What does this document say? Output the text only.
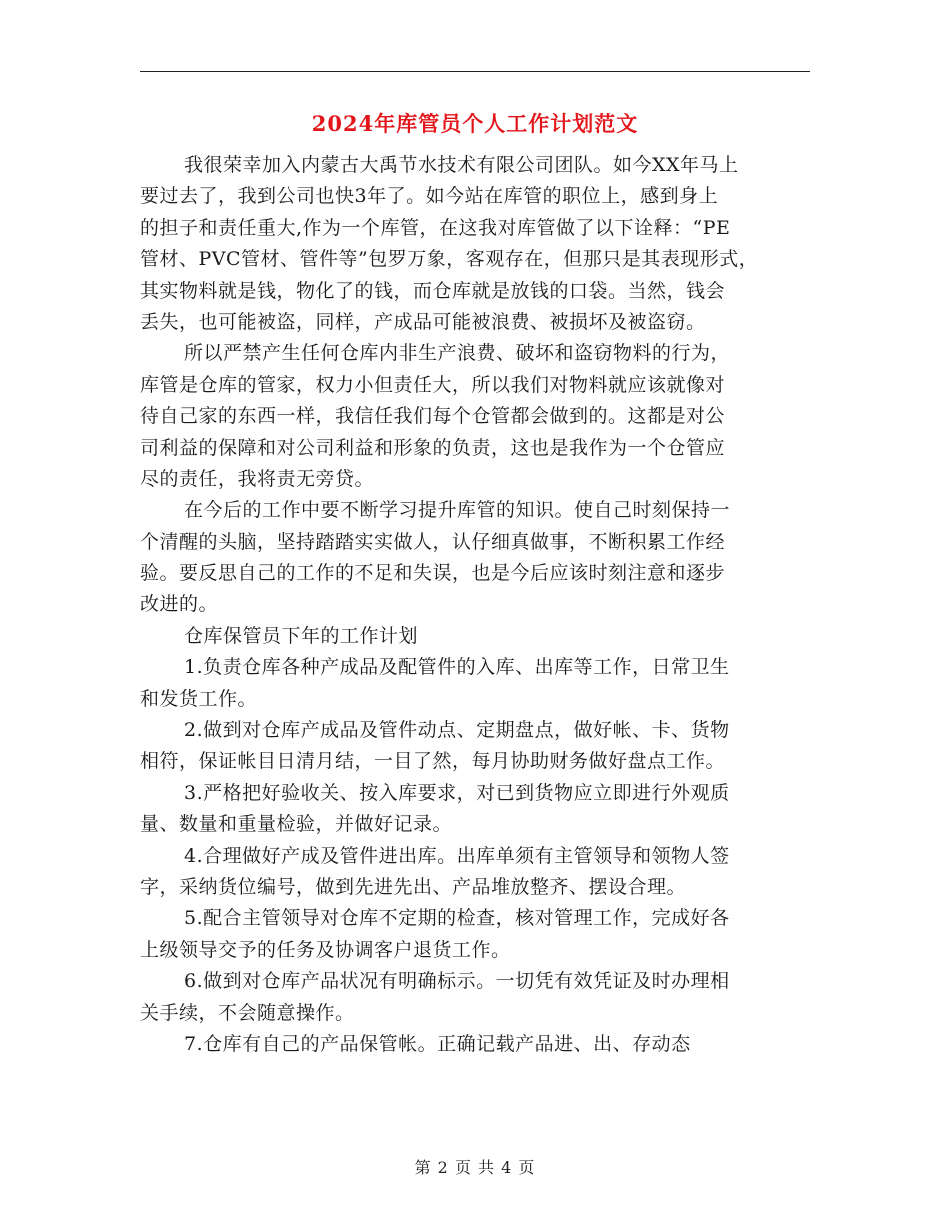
2024年库管员个人工作计划范文
我很荣幸加入内蒙古大禹节水技术有限公司团队。如今XX年马上
要过去了，我到公司也快3年了。如今站在库管的职位上，感到身上
的担子和责任重大,作为一个库管，在这我对库管做了以下诠释：“PE
管材、PVC管材、管件等”包罗万象，客观存在，但那只是其表现形式，
其实物料就是钱，物化了的钱，而仓库就是放钱的口袋。当然，钱会
丢失，也可能被盗，同样，产成品可能被浪费、被损坏及被盗窃。
所以严禁产生任何仓库内非生产浪费、破坏和盗窃物料的行为，
库管是仓库的管家，权力小但责任大，所以我们对物料就应该就像对
待自己家的东西一样，我信任我们每个仓管都会做到的。这都是对公
司利益的保障和对公司利益和形象的负责，这也是我作为一个仓管应
尽的责任，我将责无旁贷。
在今后的工作中要不断学习提升库管的知识。使自己时刻保持一
个清醒的头脑，坚持踏踏实实做人，认仔细真做事，不断积累工作经
验。要反思自己的工作的不足和失误，也是今后应该时刻注意和逐步
改进的。
仓库保管员下年的工作计划
1.负责仓库各种产成品及配管件的入库、出库等工作，日常卫生
和发货工作。
2.做到对仓库产成品及管件动点、定期盘点，做好帐、卡、货物
相符，保证帐目日清月结，一目了然，每月协助财务做好盘点工作。
3.严格把好验收关、按入库要求，对已到货物应立即进行外观质
量、数量和重量检验，并做好记录。
4.合理做好产成及管件进出库。出库单须有主管领导和领物人签
字，采纳货位编号，做到先进先出、产品堆放整齐、摆设合理。
5.配合主管领导对仓库不定期的检查，核对管理工作，完成好各
上级领导交予的任务及协调客户退货工作。
6.做到对仓库产品状况有明确标示。一切凭有效凭证及时办理相
关手续，不会随意操作。
7.仓库有自己的产品保管帐。正确记载产品进、出、存动态
第 2 页 共 4 页
